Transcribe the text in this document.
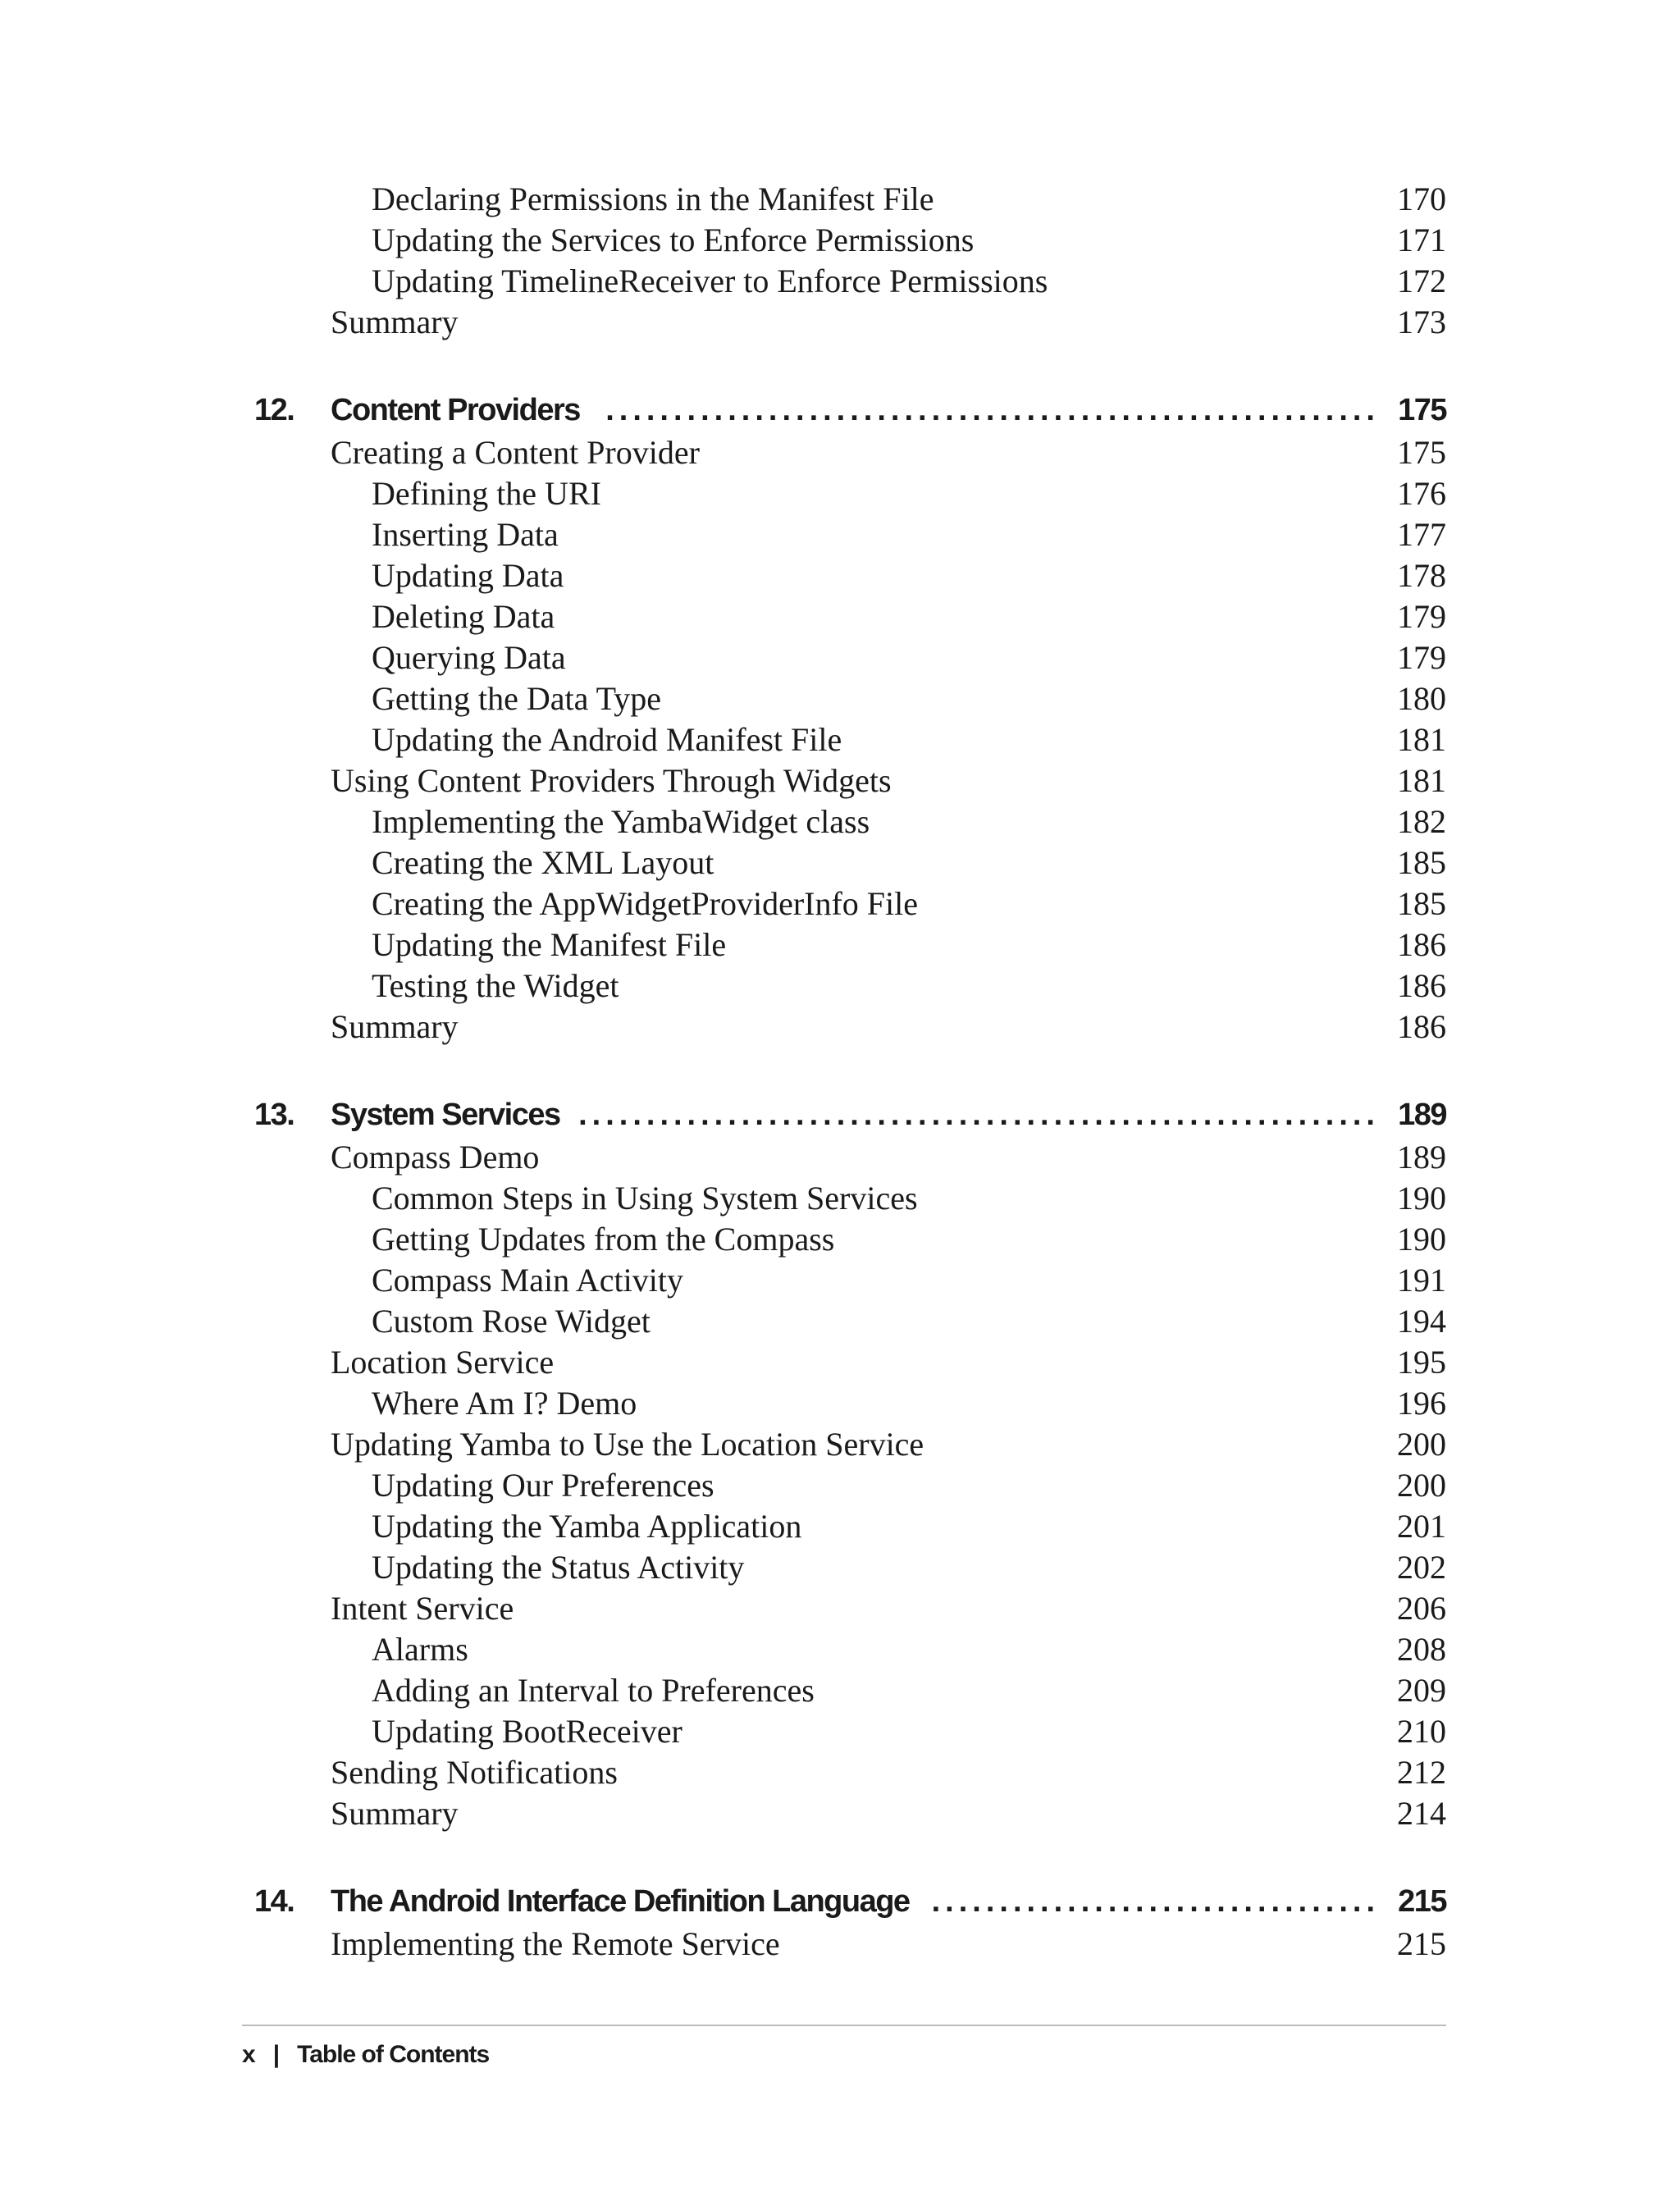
Declaring Permissions in the Manifest File	170
Updating the Services to Enforce Permissions	171
Updating TimelineReceiver to Enforce Permissions	172
Summary	173
12. Content Providers ......................................................... 175
Creating a Content Provider	175
Defining the URI	176
Inserting Data	177
Updating Data	178
Deleting Data	179
Querying Data	179
Getting the Data Type	180
Updating the Android Manifest File	181
Using Content Providers Through Widgets	181
Implementing the YambaWidget class	182
Creating the XML Layout	185
Creating the AppWidgetProviderInfo File	185
Updating the Manifest File	186
Testing the Widget	186
Summary	186
13. System Services ........................................................... 189
Compass Demo	189
Common Steps in Using System Services	190
Getting Updates from the Compass	190
Compass Main Activity	191
Custom Rose Widget	194
Location Service	195
Where Am I? Demo	196
Updating Yamba to Use the Location Service	200
Updating Our Preferences	200
Updating the Yamba Application	201
Updating the Status Activity	202
Intent Service	206
Alarms	208
Adding an Interval to Preferences	209
Updating BootReceiver	210
Sending Notifications	212
Summary	214
14. The Android Interface Definition Language ................................. 215
Implementing the Remote Service	215
x | Table of Contents
